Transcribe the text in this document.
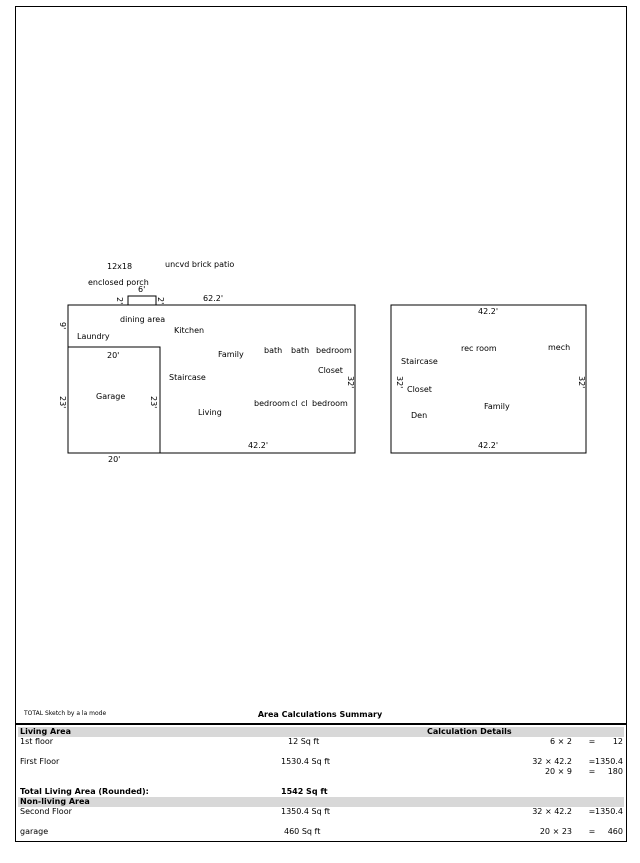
12x18	uncvd brick patio
enclosed porch
6'
2'	2'	62.2'
9'
dining area
Laundry
Kitchen
Family	bath bath bedroom
Closet
Staircase
20'
Garage
23'	23'
Living
bedroom cl cl bedroom
32'
42.2'
20'
42.2'
rec room	mech
Staircase
32'	32'
Closet
Family
Den
42.2'
TOTAL Sketch by a la mode	Area Calculations Summary
Living Area	Calculation Details
1st floor	12 Sq ft	6 × 2	=	12
First Floor	1530.4 Sq ft	32 × 42.2	= 1350.4
20 × 9	=	180
Total Living Area (Rounded):	1542 Sq ft
Non-living Area
Second Floor	1350.4 Sq ft	32 × 42.2	= 1350.4
garage	460 Sq ft	20 × 23	=	460
